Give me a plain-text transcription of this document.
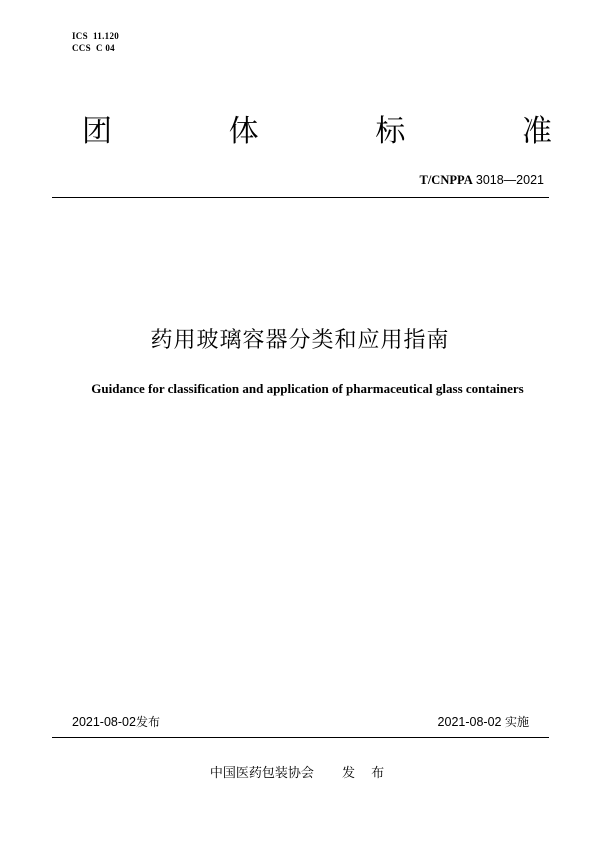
ICS  11.120
CCS  C 04
团	体	标	准
T/CNPPA 3018—2021
药用玻璃容器分类和应用指南
Guidance for classification and application of pharmaceutical glass containers
2021-08-02发布	2021-08-02 实施
中国医药包装协会 发 布
